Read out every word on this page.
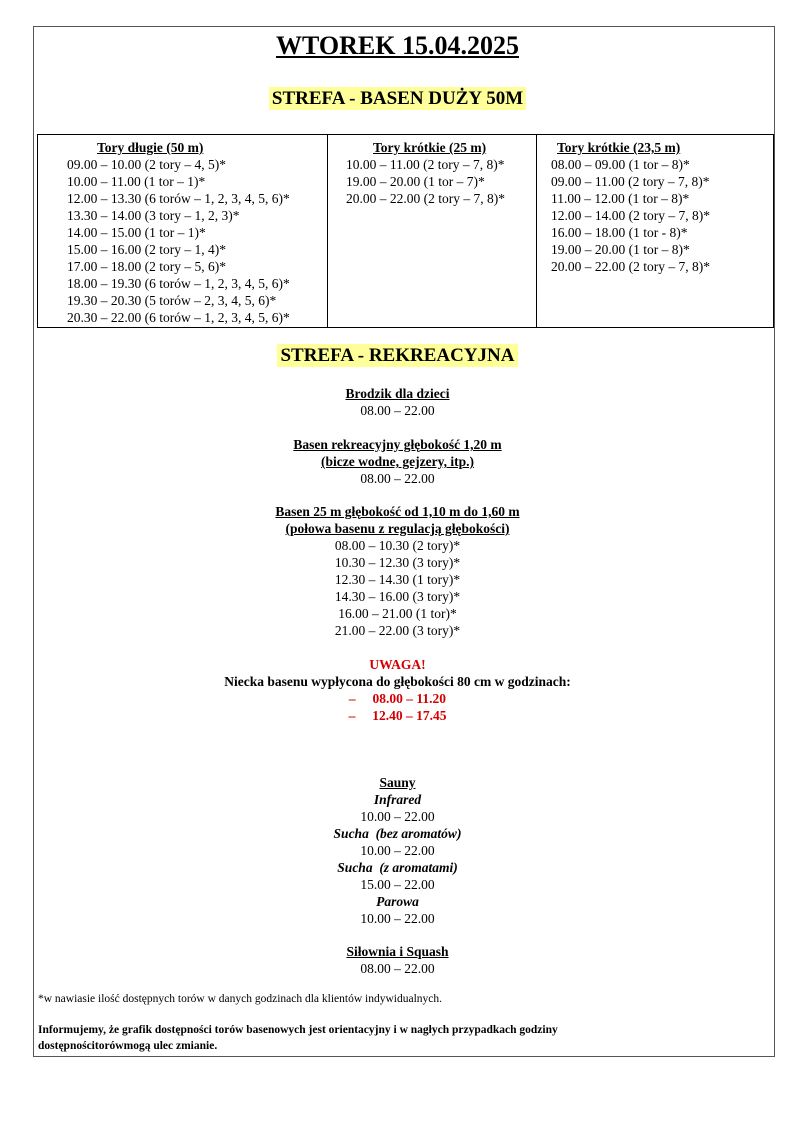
WTOREK 15.04.2025
STREFA - BASEN DUŻY 50M
Tory długie (50 m)
09.00 – 10.00 (2 tory – 4, 5)*
10.00 – 11.00 (1 tor – 1)*
12.00 – 13.30 (6 torów – 1, 2, 3, 4, 5, 6)*
13.30 – 14.00 (3 tory – 1, 2, 3)*
14.00 – 15.00 (1 tor – 1)*
15.00 – 16.00 (2 tory – 1, 4)*
17.00 – 18.00 (2 tory – 5, 6)*
18.00 – 19.30 (6 torów – 1, 2, 3, 4, 5, 6)*
19.30 – 20.30 (5 torów – 2, 3, 4, 5, 6)*
20.30 – 22.00 (6 torów – 1, 2, 3, 4, 5, 6)*
Tory krótkie (25 m)
10.00 – 11.00 (2 tory – 7, 8)*
19.00 – 20.00 (1 tor – 7)*
20.00 – 22.00 (2 tory – 7, 8)*
Tory krótkie (23,5 m)
08.00 – 09.00 (1 tor – 8)*
09.00 – 11.00 (2 tory – 7, 8)*
11.00 – 12.00 (1 tor – 8)*
12.00 – 14.00 (2 tory – 7, 8)*
16.00 – 18.00 (1 tor - 8)*
19.00 – 20.00 (1 tor – 8)*
20.00 – 22.00 (2 tory – 7, 8)*
STREFA - REKREACYJNA
Brodzik dla dzieci
08.00 – 22.00
Basen rekreacyjny głębokość 1,20 m
(bicze wodne, gejzery, itp.)
08.00 – 22.00
Basen 25 m głębokość od 1,10 m do 1,60 m
(połowa basenu z regulacją głębokości)
08.00 – 10.30 (2 tory)*
10.30 – 12.30 (3 tory)*
12.30 – 14.30 (1 tory)*
14.30 – 16.00 (3 tory)*
16.00 – 21.00 (1 tor)*
21.00 – 22.00 (3 tory)*
UWAGA!
Niecka basenu wypłycona do głębokości 80 cm w godzinach:
–     08.00 – 11.20
–     12.40 – 17.45
Sauny
Infrared
10.00 – 22.00
Sucha  (bez aromatów)
10.00 – 22.00
Sucha  (z aromatami)
15.00 – 22.00
Parowa
10.00 – 22.00
Siłownia i Squash
08.00 – 22.00
*w nawiasie ilość dostępnych torów w danych godzinach dla klientów indywidualnych.
Informujemy, że grafik dostępności torów basenowych jest orientacyjny i w nagłych przypadkach godziny
dostępnościtorówmogą ulec zmianie.
